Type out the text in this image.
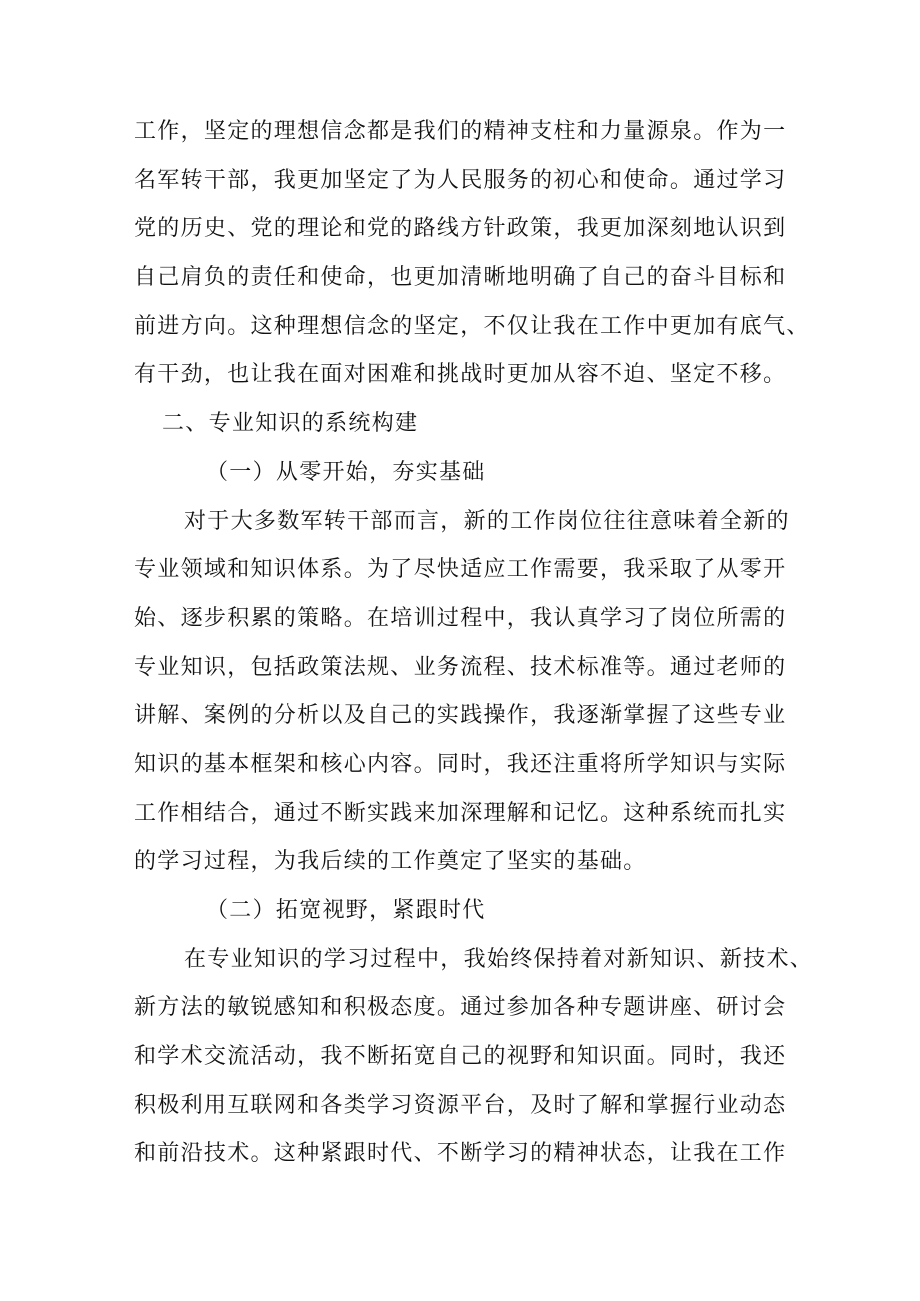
工作，坚定的理想信念都是我们的精神支柱和力量源泉。作为一
名军转干部，我更加坚定了为人民服务的初心和使命。通过学习
党的历史、党的理论和党的路线方针政策，我更加深刻地认识到
自己肩负的责任和使命，也更加清晰地明确了自己的奋斗目标和
前进方向。这种理想信念的坚定，不仅让我在工作中更加有底气、
有干劲，也让我在面对困难和挑战时更加从容不迫、坚定不移。
二、专业知识的系统构建
（一）从零开始，夯实基础
对于大多数军转干部而言，新的工作岗位往往意味着全新的
专业领域和知识体系。为了尽快适应工作需要，我采取了从零开
始、逐步积累的策略。在培训过程中，我认真学习了岗位所需的
专业知识，包括政策法规、业务流程、技术标准等。通过老师的
讲解、案例的分析以及自己的实践操作，我逐渐掌握了这些专业
知识的基本框架和核心内容。同时，我还注重将所学知识与实际
工作相结合，通过不断实践来加深理解和记忆。这种系统而扎实
的学习过程，为我后续的工作奠定了坚实的基础。
（二）拓宽视野，紧跟时代
在专业知识的学习过程中，我始终保持着对新知识、新技术、
新方法的敏锐感知和积极态度。通过参加各种专题讲座、研讨会
和学术交流活动，我不断拓宽自己的视野和知识面。同时，我还
积极利用互联网和各类学习资源平台，及时了解和掌握行业动态
和前沿技术。这种紧跟时代、不断学习的精神状态，让我在工作
